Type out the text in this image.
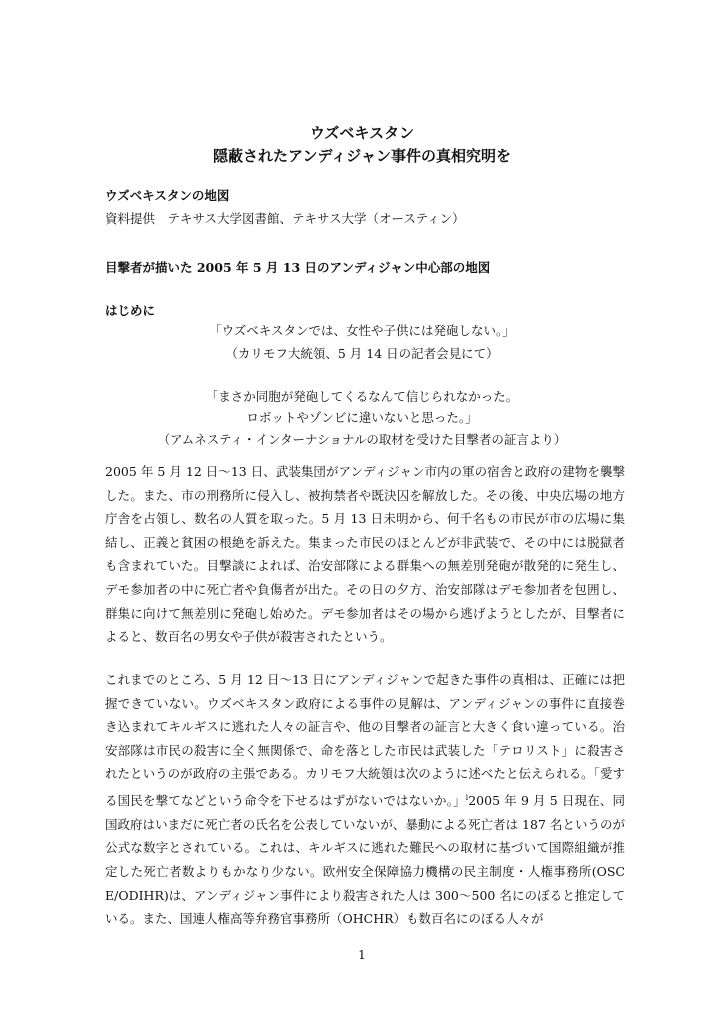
ウズベキスタン
隠蔽されたアンディジャン事件の真相究明を
ウズベキスタンの地図
資料提供　テキサス大学図書館、テキサス大学（オースティン）
目撃者が描いた 2005 年 5 月 13 日のアンディジャン中心部の地図
はじめに
「ウズベキスタンでは、女性や子供には発砲しない。」
（カリモフ大統領、5 月 14 日の記者会見にて）
「まさか同胞が発砲してくるなんて信じられなかった。
ロボットやゾンビに違いないと思った。」
（アムネスティ・インターナショナルの取材を受けた目撃者の証言より）
2005 年 5 月 12 日〜13 日、武装集団がアンディジャン市内の軍の宿舎と政府の建物を襲撃した。また、市の刑務所に侵入し、被拘禁者や既決囚を解放した。その後、中央広場の地方庁舎を占領し、数名の人質を取った。5 月 13 日未明から、何千名もの市民が市の広場に集結し、正義と貧困の根絶を訴えた。集まった市民のほとんどが非武装で、その中には脱獄者も含まれていた。目撃談によれば、治安部隊による群集への無差別発砲が散発的に発生し、デモ参加者の中に死亡者や負傷者が出た。その日の夕方、治安部隊はデモ参加者を包囲し、群集に向けて無差別に発砲し始めた。デモ参加者はその場から逃げようとしたが、目撃者によると、数百名の男女や子供が殺害されたという。
これまでのところ、5 月 12 日〜13 日にアンディジャンで起きた事件の真相は、正確には把握できていない。ウズベキスタン政府による事件の見解は、アンディジャンの事件に直接巻き込まれてキルギスに逃れた人々の証言や、他の目撃者の証言と大きく食い違っている。治安部隊は市民の殺害に全く無関係で、命を落とした市民は武装した「テロリスト」に殺害されたというのが政府の主張である。カリモフ大統領は次のように述べたと伝えられる。「愛する国民を撃てなどという命令を下せるはずがないではないか。」$^i$2005 年 9 月 5 日現在、同国政府はいまだに死亡者の氏名を公表していないが、暴動による死亡者は 187 名というのが公式な数字とされている。これは、キルギスに逃れた難民への取材に基づいて国際組織が推定した死亡者数よりもかなり少ない。欧州安全保障協力機構の民主制度・人権事務所(OSCE/ODIHR)は、アンディジャン事件により殺害された人は 300〜500 名にのぼると推定している。また、国連人権高等弁務官事務所（OHCHR）も数百名にのぼる人々が
1
